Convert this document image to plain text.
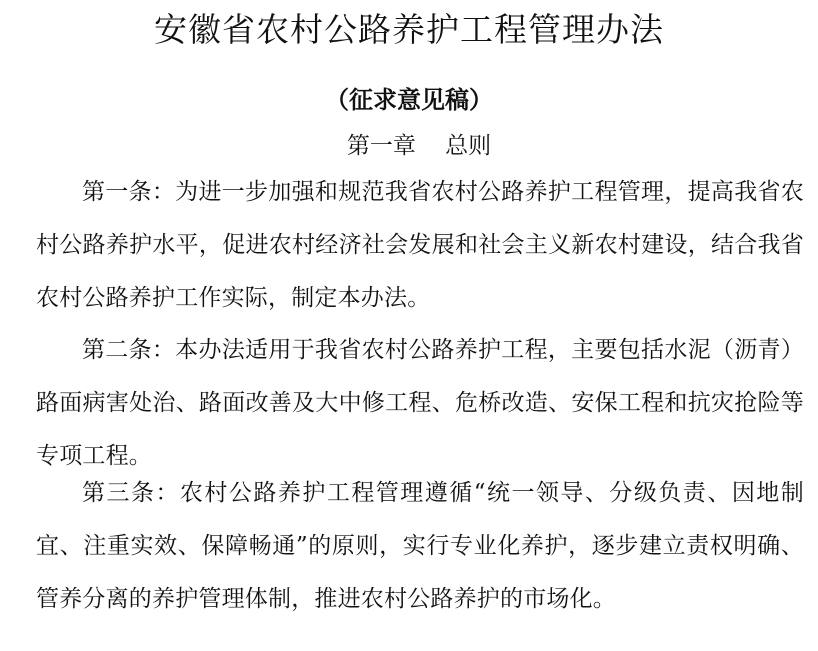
安徽省农村公路养护工程管理办法
（征求意见稿）
第一章    总则

第一条：为进一步加强和规范我省农村公路养护工程管理，提高我省农村公路养护水平，促进农村经济社会发展和社会主义新农村建设，结合我省农村公路养护工作实际，制定本办法。

第二条：本办法适用于我省农村公路养护工程，主要包括水泥（沥青）路面病害处治、路面改善及大中修工程、危桥改造、安保工程和抗灾抢险等专项工程。

第三条：农村公路养护工程管理遵循“统一领导、分级负责、因地制宜、注重实效、保障畅通”的原则，实行专业化养护，逐步建立责权明确、管养分离的养护管理体制，推进农村公路养护的市场化。
